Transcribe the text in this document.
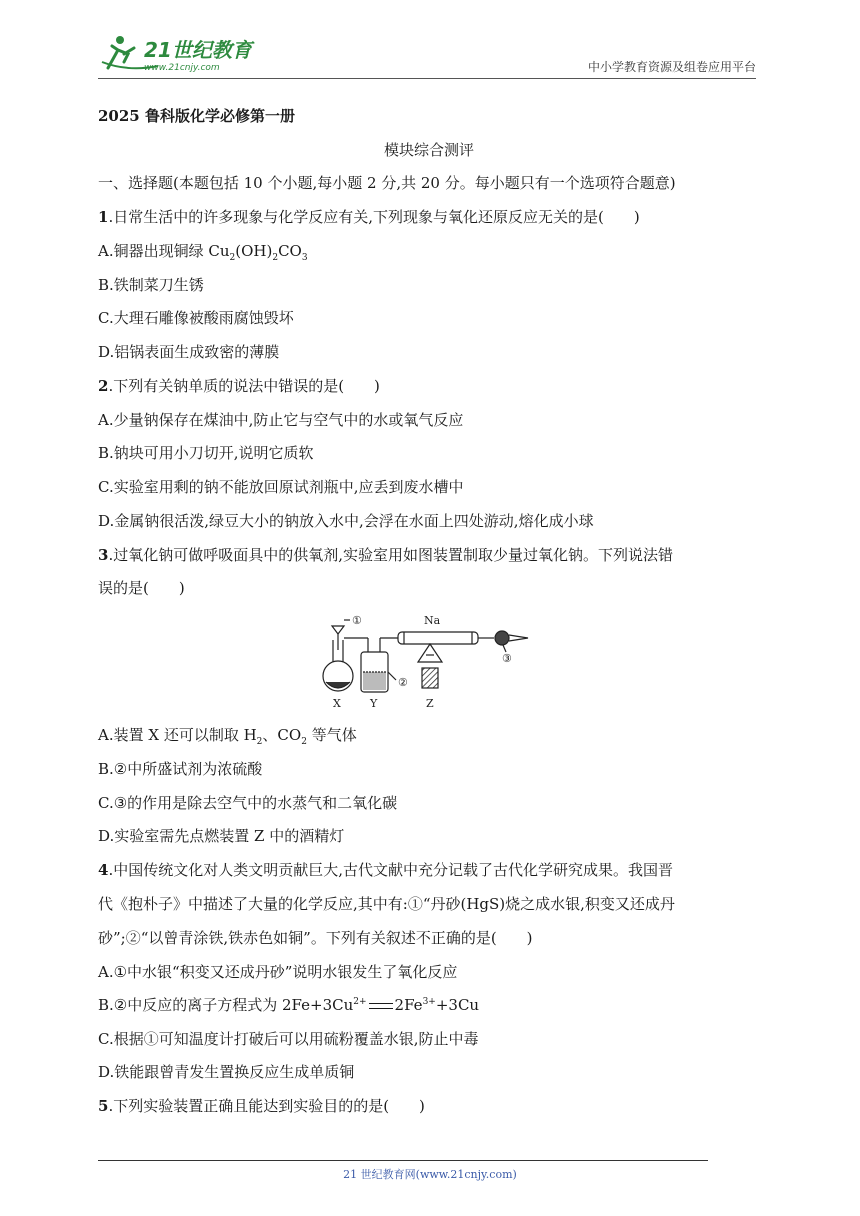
21世纪教育
www.21cnjy.com	中小学教育资源及组卷应用平台
2025 鲁科版化学必修第一册
模块综合测评
一、选择题(本题包括 10 个小题,每小题 2 分,共 20 分。每小题只有一个选项符合题意)
1.日常生活中的许多现象与化学反应有关,下列现象与氧化还原反应无关的是(　　)
A.铜器出现铜绿 $Cu_2(OH)_2CO_3$
B.铁制菜刀生锈
C.大理石雕像被酸雨腐蚀毁坏
D.铝锅表面生成致密的薄膜
2.下列有关钠单质的说法中错误的是(　　)
A.少量钠保存在煤油中,防止它与空气中的水或氧气反应
B.钠块可用小刀切开,说明它质软
C.实验室用剩的钠不能放回原试剂瓶中,应丢到废水槽中
D.金属钠很活泼,绿豆大小的钠放入水中,会浮在水面上四处游动,熔化成小球
3.过氧化钠可做呼吸面具中的供氧剂,实验室用如图装置制取少量过氧化钠。下列说法错
误的是(　　)
①
②
③
Na
X	Y	Z
A.装置 X 还可以制取 $H_2$、$CO_2$ 等气体
B.②中所盛试剂为浓硫酸
C.③的作用是除去空气中的水蒸气和二氧化碳
D.实验室需先点燃装置 Z 中的酒精灯
4.中国传统文化对人类文明贡献巨大,古代文献中充分记载了古代化学研究成果。我国晋
代《抱朴子》中描述了大量的化学反应,其中有:①“丹砂(HgS)烧之成水银,积变又还成丹
砂”;②“以曾青涂铁,铁赤色如铜”。下列有关叙述不正确的是(　　)
A.①中水银“积变又还成丹砂”说明水银发生了氧化反应
B.②中反应的离子方程式为 $2Fe+3Cu^{2+}$ $2Fe^{3+}+3Cu$
C.根据①可知温度计打破后可以用硫粉覆盖水银,防止中毒
D.铁能跟曾青发生置换反应生成单质铜
5.下列实验装置正确且能达到实验目的的是(　　)
21 世纪教育网(www.21cnjy.com)
